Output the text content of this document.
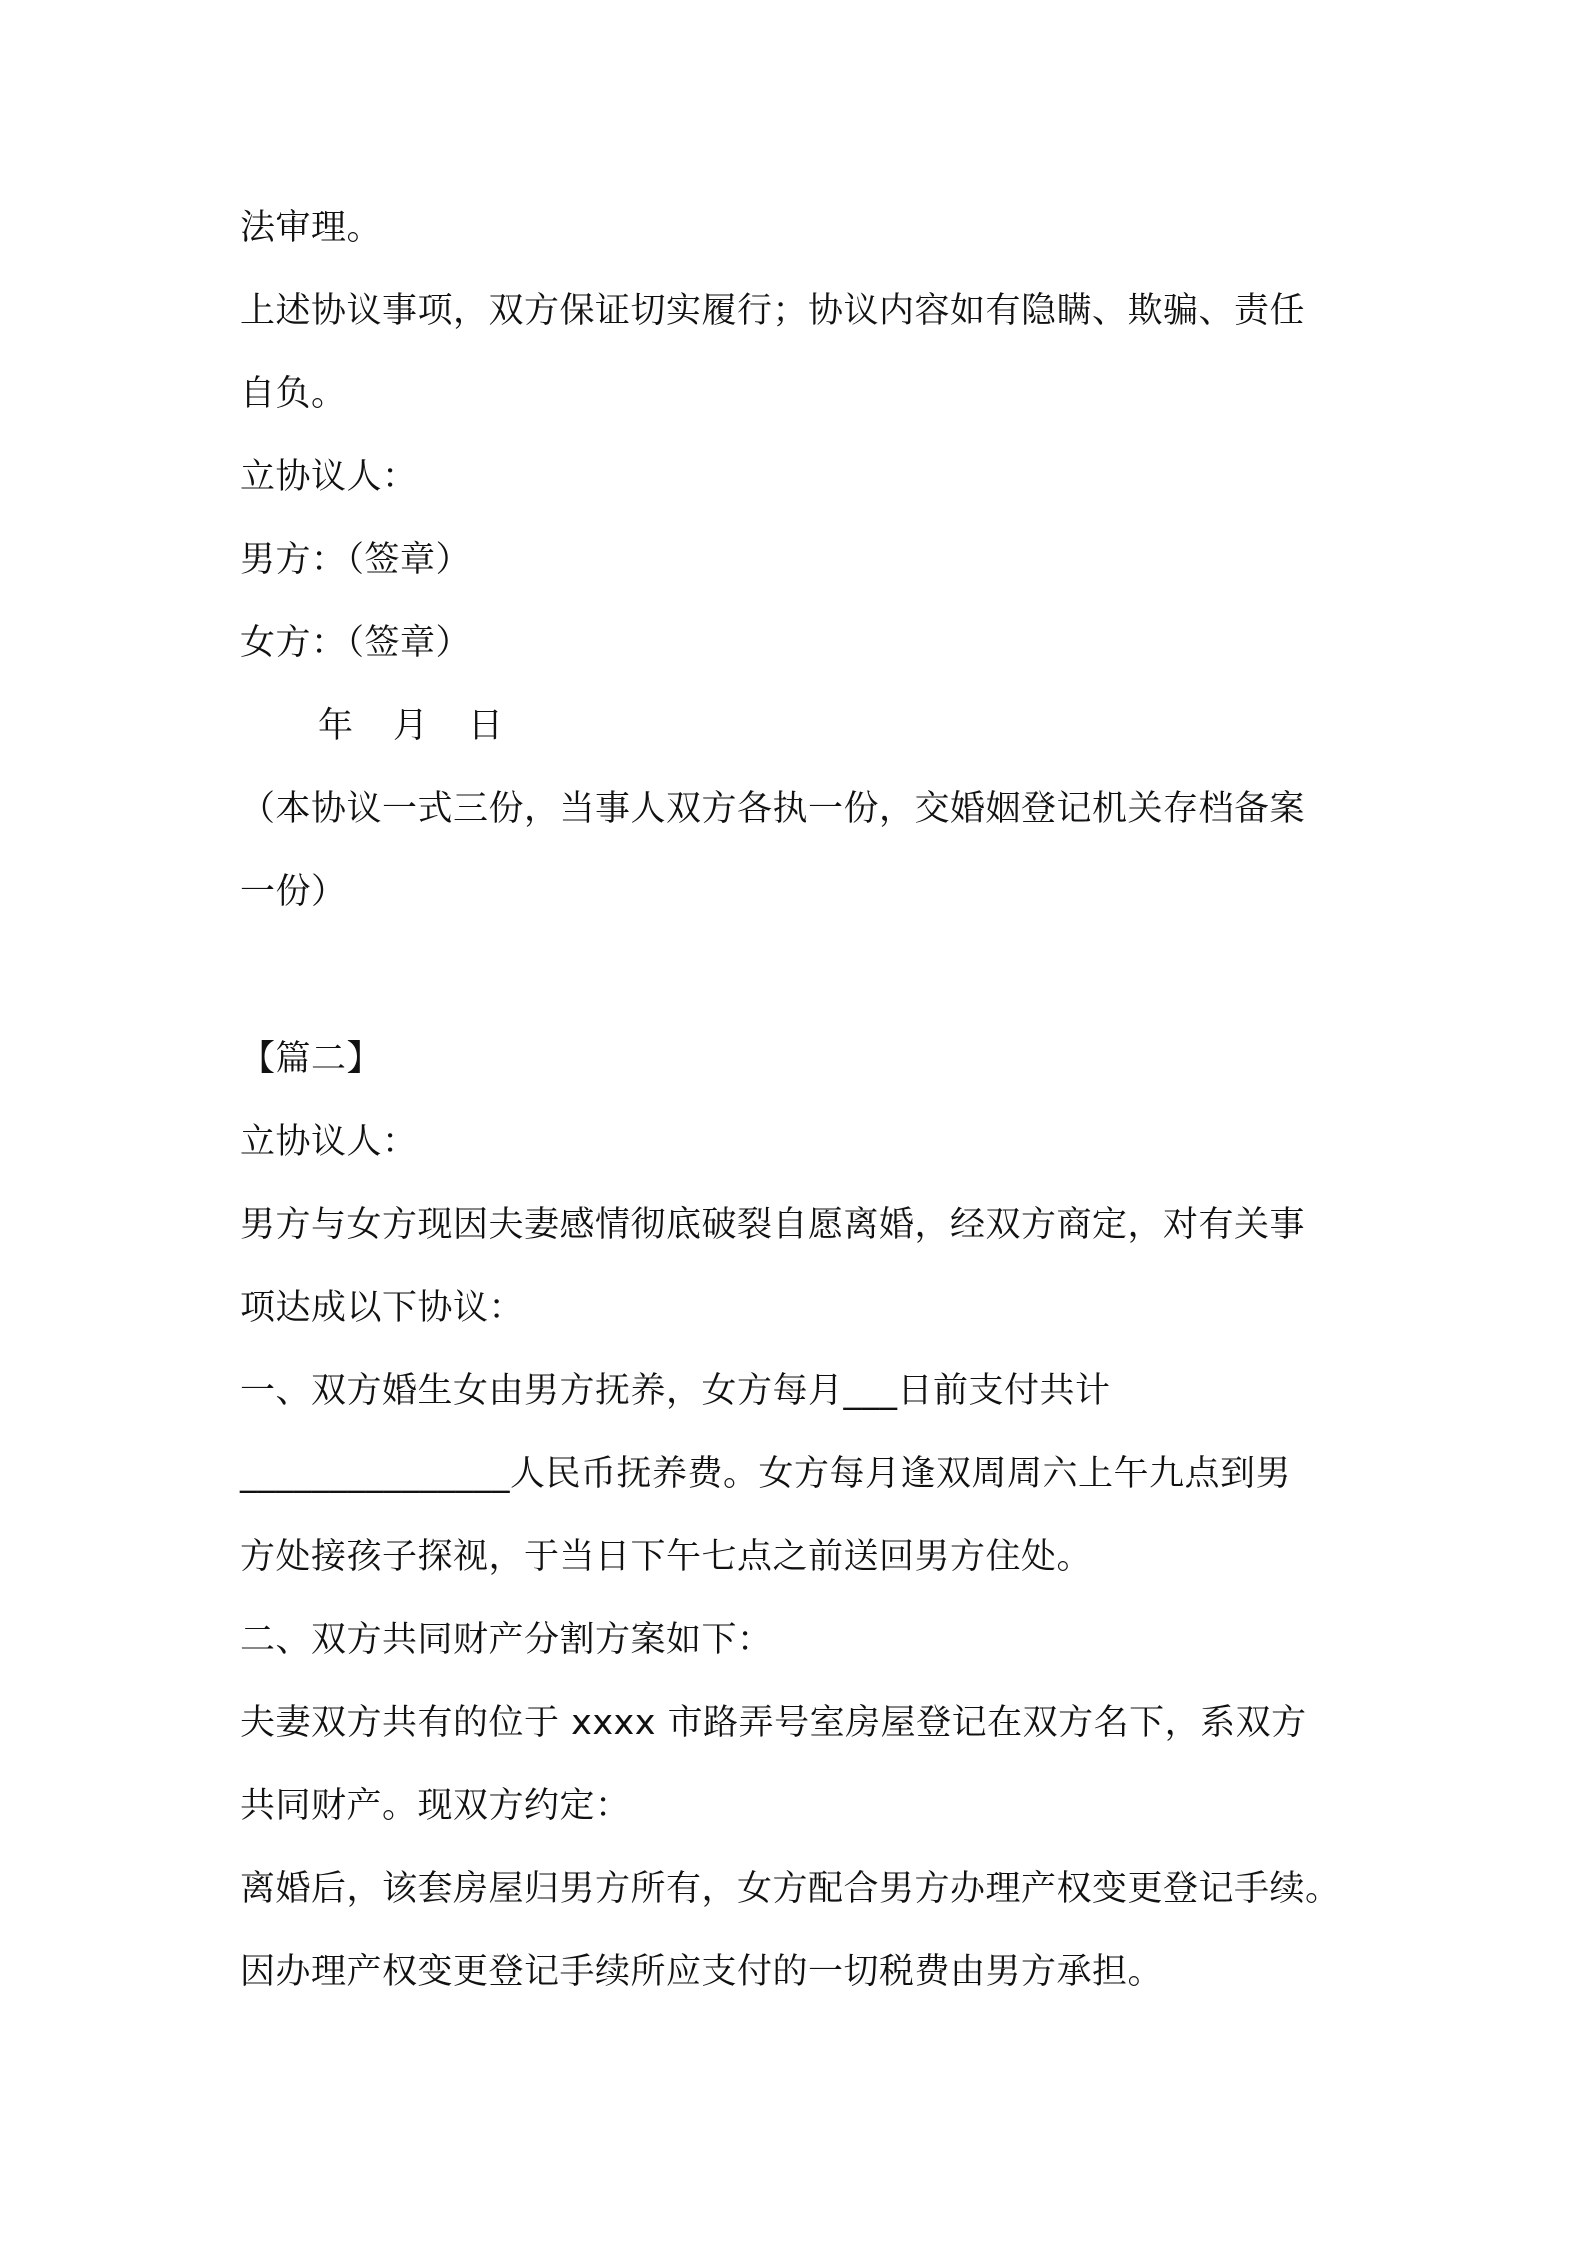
法审理。
上述协议事项，双方保证切实履行；协议内容如有隐瞒、欺骗、责任
自负。
立协议人：
男方：（签章）
女方：（签章）
年 月 日
（本协议一式三份，当事人双方各执一份，交婚姻登记机关存档备案
一份）
【篇二】
立协议人：
男方与女方现因夫妻感情彻底破裂自愿离婚，经双方商定，对有关事
项达成以下协议：
一、双方婚生女由男方抚养，女方每月___日前支付共计
_______________人民币抚养费。女方每月逢双周周六上午九点到男
方处接孩子探视，于当日下午七点之前送回男方住处。
二、双方共同财产分割方案如下：
夫妻双方共有的位于 xxxx 市路弄号室房屋登记在双方名下，系双方
共同财产。现双方约定：
离婚后，该套房屋归男方所有，女方配合男方办理产权变更登记手续。
因办理产权变更登记手续所应支付的一切税费由男方承担。
